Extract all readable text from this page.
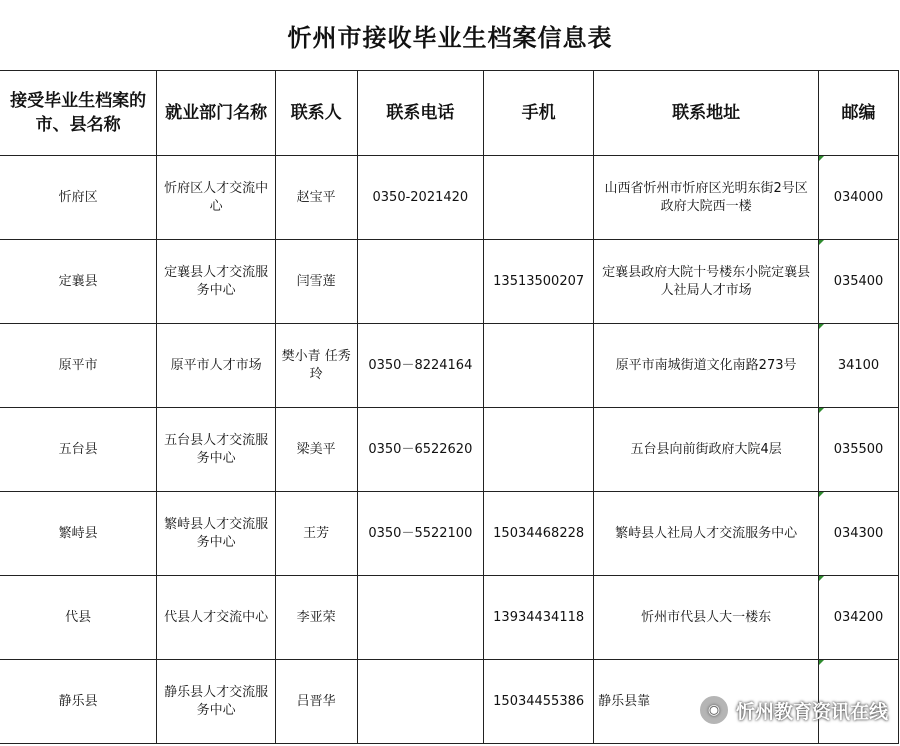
忻州市接收毕业生档案信息表
接受毕业生档案的市、县名称	就业部门名称	联系人	联系电话	手机	联系地址	邮编
忻府区	忻府区人才交流中心	赵宝平	0350-2021420		山西省忻州市忻府区光明东街2号区政府大院西一楼	034000
定襄县	定襄县人才交流服务中心	闫雪莲		13513500207	定襄县政府大院十号楼东小院定襄县人社局人才市场	035400
原平市	原平市人才市场	樊小青 任秀玲	0350－8224164		原平市南城街道文化南路273号	34100
五台县	五台县人才交流服务中心	梁美平	0350－6522620		五台县向前街政府大院4层	035500
繁峙县	繁峙县人才交流服务中心	王芳	0350－5522100	15034468228	繁峙县人社局人才交流服务中心	034300
代县	代县人才交流中心	李亚荣		13934434118	忻州市代县人大一楼东	034200
静乐县	静乐县人才交流服务中心	吕晋华		15034455386	静乐县靠	
◉ 忻州教育资讯在线
